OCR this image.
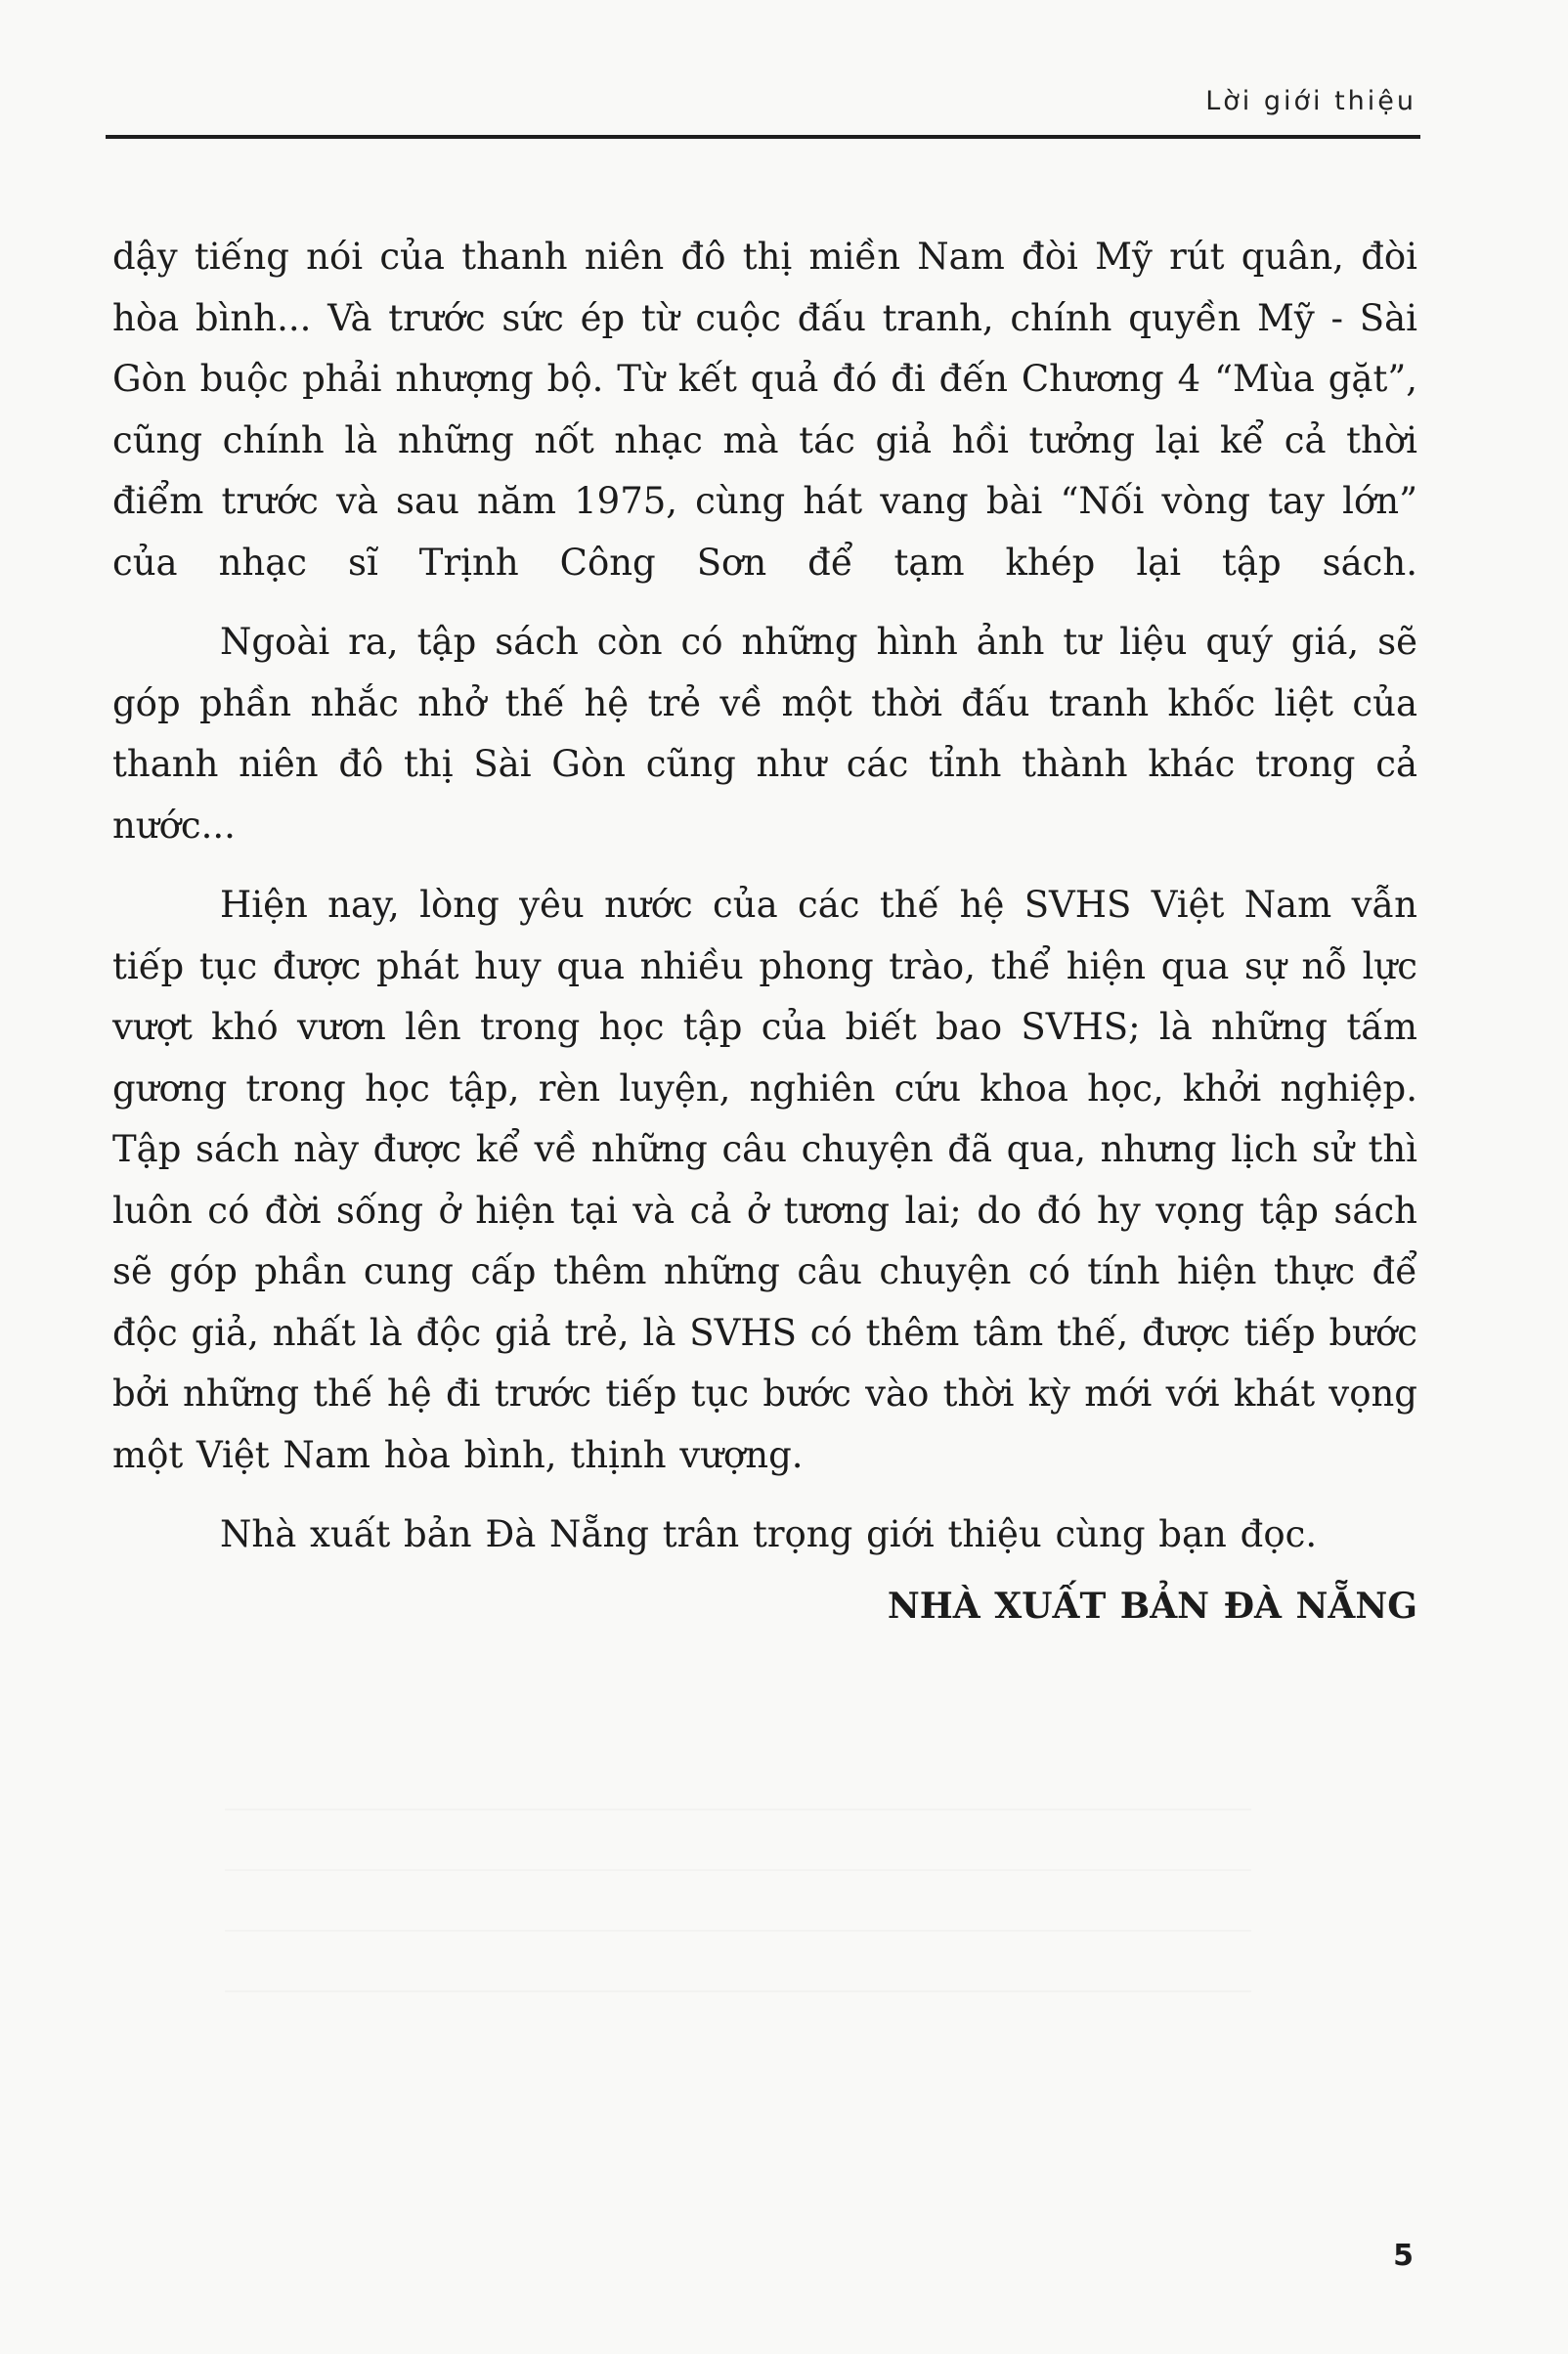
Lời giới thiệu

dậy tiếng nói của thanh niên đô thị miền Nam đòi Mỹ rút quân, đòi hòa bình... Và trước sức ép từ cuộc đấu tranh, chính quyền Mỹ - Sài Gòn buộc phải nhượng bộ. Từ kết quả đó đi đến Chương 4 “Mùa gặt”, cũng chính là những nốt nhạc mà tác giả hồi tưởng lại kể cả thời điểm trước và sau năm 1975, cùng hát vang bài “Nối vòng tay lớn” của nhạc sĩ Trịnh Công Sơn để tạm khép lại tập sách.

Ngoài ra, tập sách còn có những hình ảnh tư liệu quý giá, sẽ góp phần nhắc nhở thế hệ trẻ về một thời đấu tranh khốc liệt của thanh niên đô thị Sài Gòn cũng như các tỉnh thành khác trong cả nước...

Hiện nay, lòng yêu nước của các thế hệ SVHS Việt Nam vẫn tiếp tục được phát huy qua nhiều phong trào, thể hiện qua sự nỗ lực vượt khó vươn lên trong học tập của biết bao SVHS; là những tấm gương trong học tập, rèn luyện, nghiên cứu khoa học, khởi nghiệp. Tập sách này được kể về những câu chuyện đã qua, nhưng lịch sử thì luôn có đời sống ở hiện tại và cả ở tương lai; do đó hy vọng tập sách sẽ góp phần cung cấp thêm những câu chuyện có tính hiện thực để độc giả, nhất là độc giả trẻ, là SVHS có thêm tâm thế, được tiếp bước bởi những thế hệ đi trước tiếp tục bước vào thời kỳ mới với khát vọng một Việt Nam hòa bình, thịnh vượng.

Nhà xuất bản Đà Nẵng trân trọng giới thiệu cùng bạn đọc.

NHÀ XUẤT BẢN ĐÀ NẴNG

5
